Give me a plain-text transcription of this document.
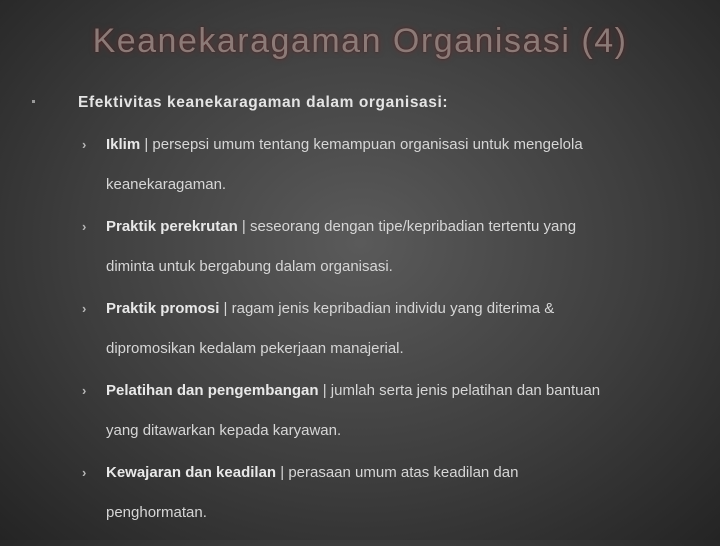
Keanekaragaman Organisasi (4)
Efektivitas keanekaragaman dalam organisasi:
› Iklim | persepsi umum tentang kemampuan organisasi untuk mengelola
keanekaragaman.
› Praktik perekrutan | seseorang dengan tipe/kepribadian tertentu yang
diminta untuk bergabung dalam organisasi.
› Praktik promosi | ragam jenis kepribadian individu yang diterima &
dipromosikan kedalam pekerjaan manajerial.
› Pelatihan dan pengembangan | jumlah serta jenis pelatihan dan bantuan
yang ditawarkan kepada karyawan.
› Kewajaran dan keadilan | perasaan umum atas keadilan dan
penghormatan.
